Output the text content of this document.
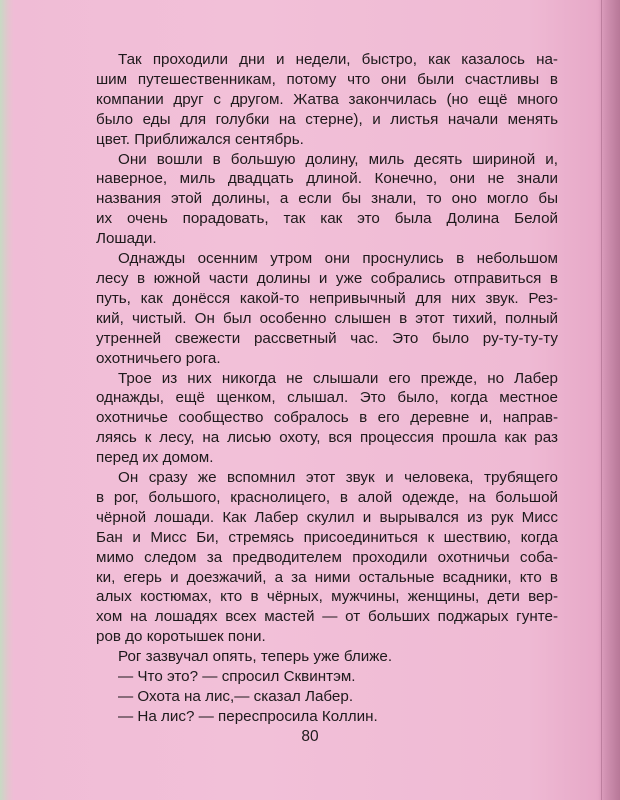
Так проходили дни и недели, быстро, как казалось на-
шим путешественникам, потому что они были счастливы в
компании друг с другом. Жатва закончилась (но ещё много
было еды для голубки на стерне), и листья начали менять
цвет. Приближался сентябрь.
Они вошли в большую долину, миль десять шириной и,
наверное, миль двадцать длиной. Конечно, они не знали
названия этой долины, а если бы знали, то оно могло бы
их очень порадовать, так как это была Долина Белой
Лошади.
Однажды осенним утром они проснулись в небольшом
лесу в южной части долины и уже собрались отправиться в
путь, как донёсся какой-то непривычный для них звук. Рез-
кий, чистый. Он был особенно слышен в этот тихий, полный
утренней свежести рассветный час. Это было ру-ту-ту-ту
охотничьего рога.
Трое из них никогда не слышали его прежде, но Лабер
однажды, ещё щенком, слышал. Это было, когда местное
охотничье сообщество собралось в его деревне и, направ-
ляясь к лесу, на лисью охоту, вся процессия прошла как раз
перед их домом.
Он сразу же вспомнил этот звук и человека, трубящего
в рог, большого, краснолицего, в алой одежде, на большой
чёрной лошади. Как Лабер скулил и вырывался из рук Мисс
Бан и Мисс Би, стремясь присоединиться к шествию, когда
мимо следом за предводителем проходили охотничьи соба-
ки, егерь и доезжачий, а за ними остальные всадники, кто в
алых костюмах, кто в чёрных, мужчины, женщины, дети вер-
хом на лошадях всех мастей — от больших поджарых гунте-
ров до коротышек пони.
Рог зазвучал опять, теперь уже ближе.
— Что это? — спросил Сквинтэм.
— Охота на лис,— сказал Лабер.
— На лис? — переспросила Коллин.
80
